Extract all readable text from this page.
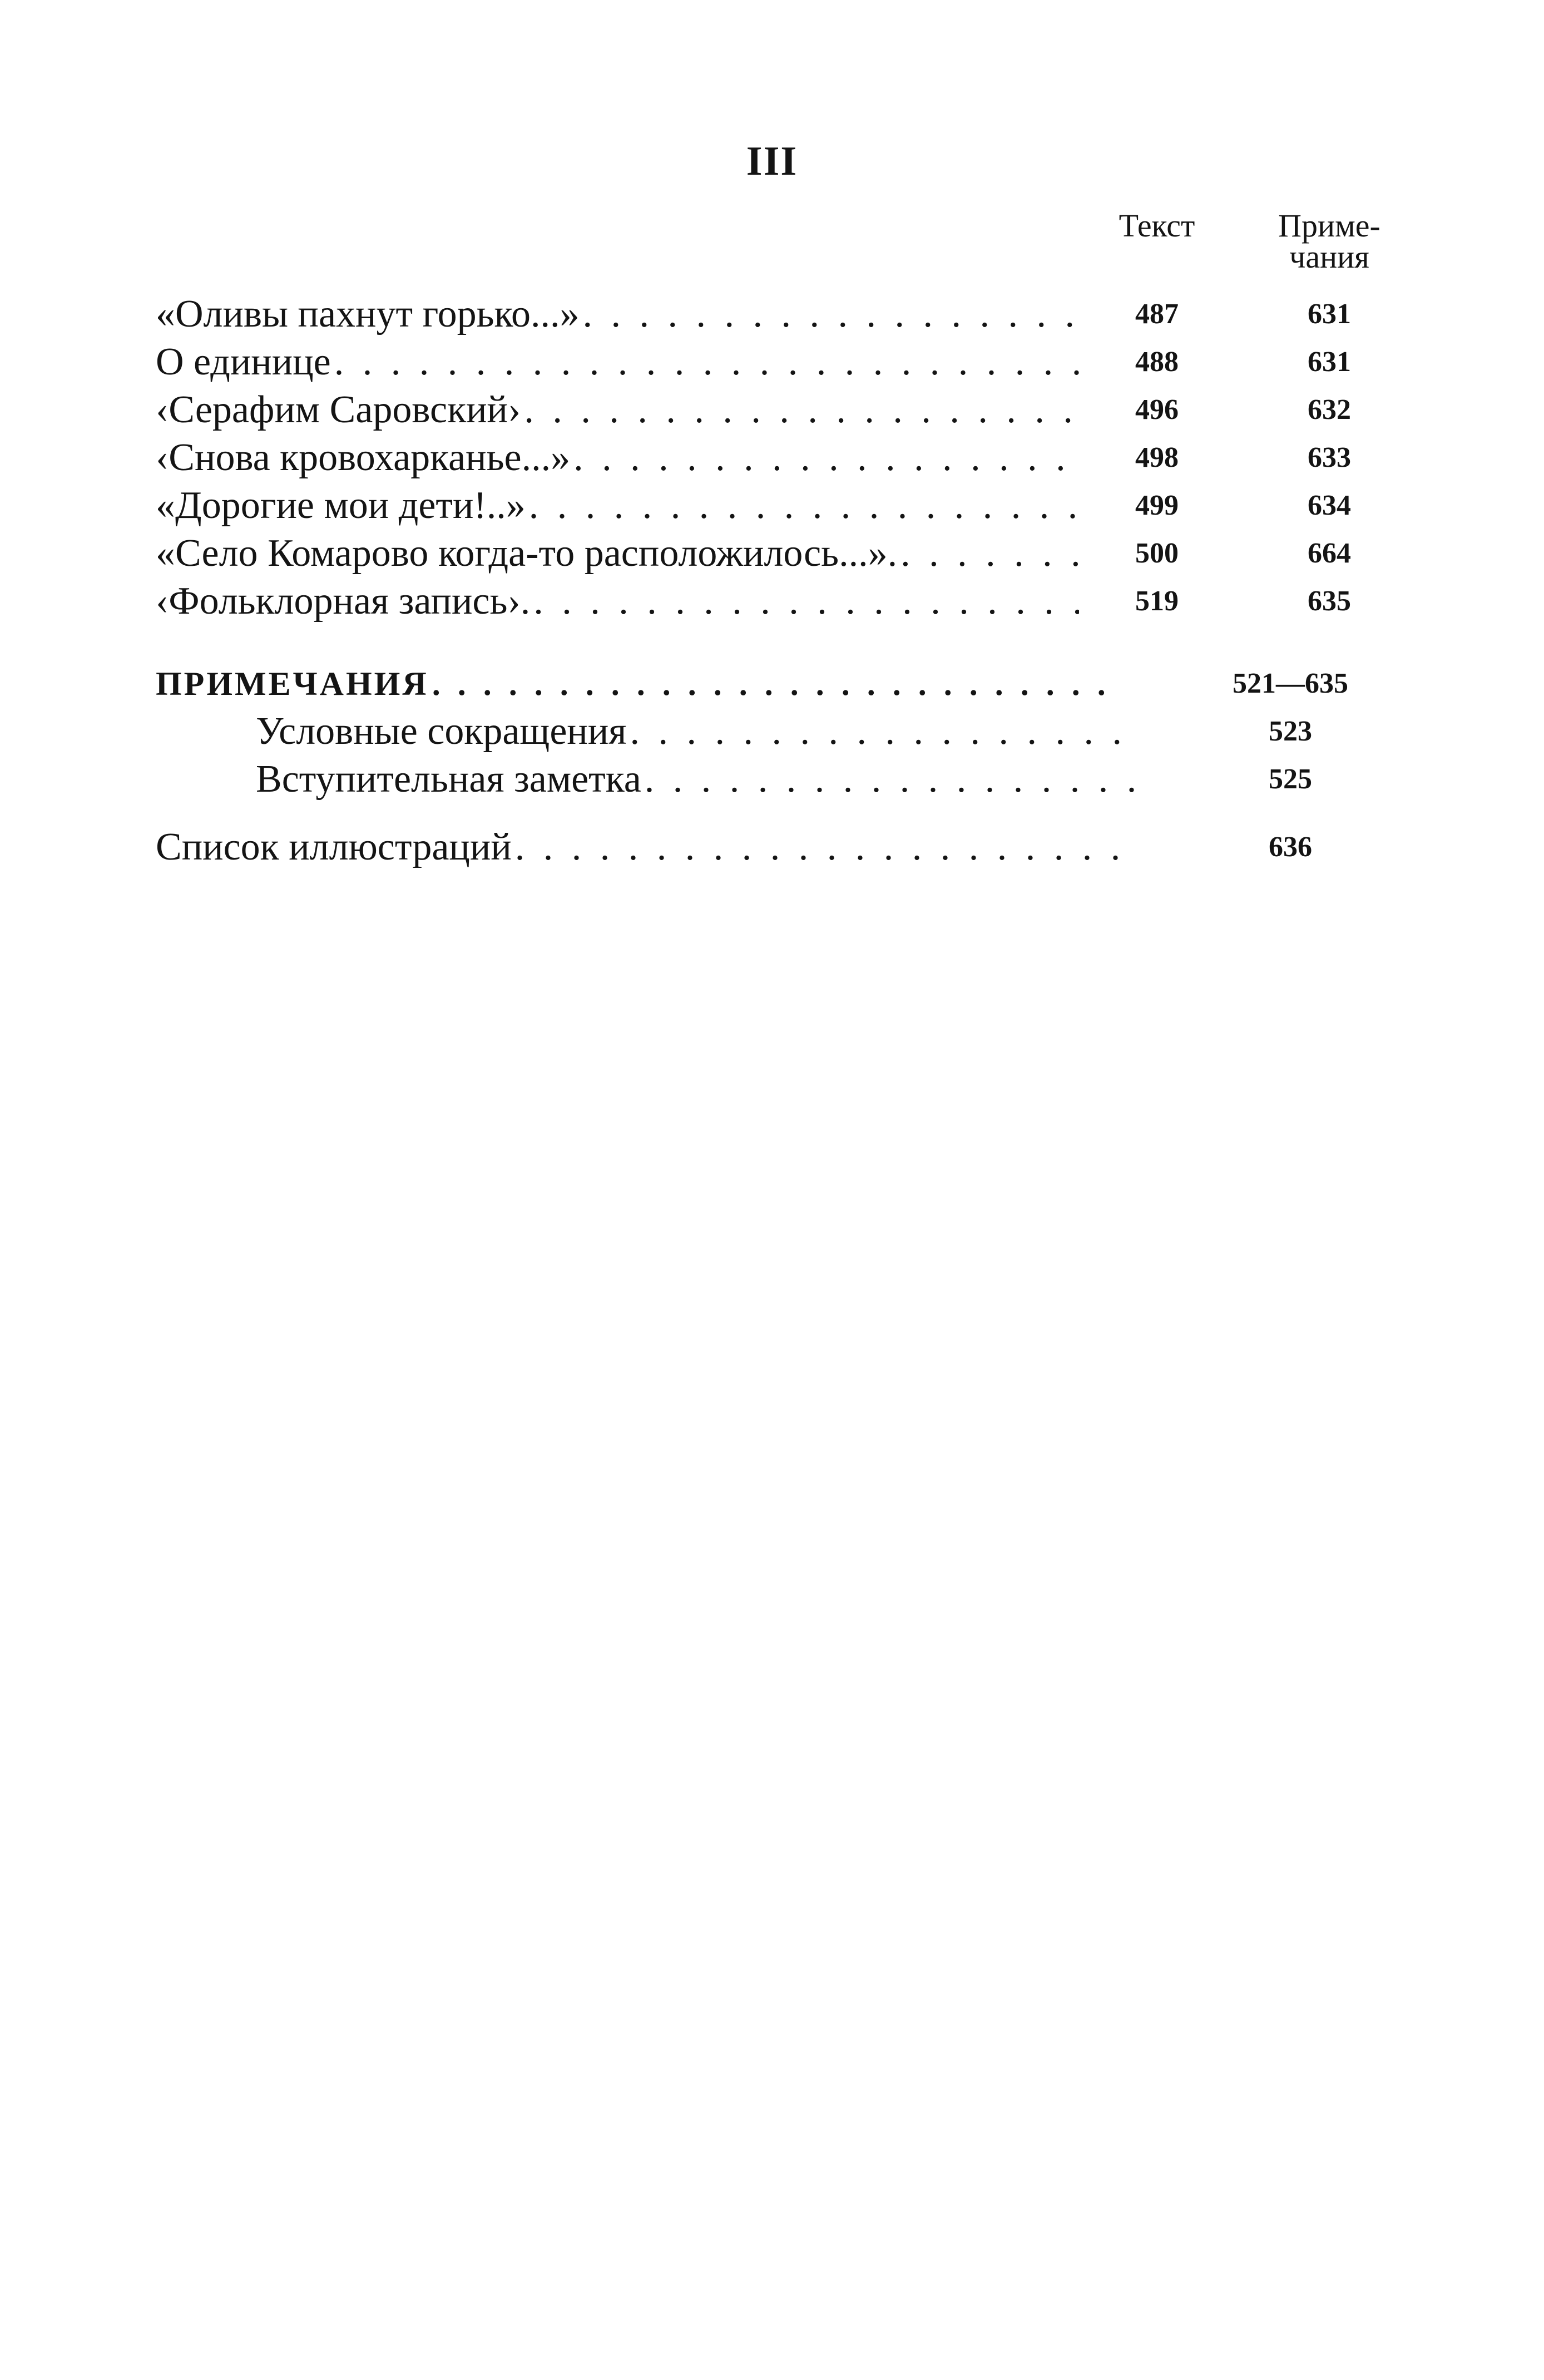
III
Текст	Приме-
чания
«Оливы пахнут горько...» . . .	487	631
О единице . . .	488	631
‹Серафим Саровский› . . .	496	632
‹Снова кровохарканье...» . . .	498	633
«Дорогие мои дети!..» . . .	499	634
«Село Комарово когда-то расположилось...». . . .	500	664
‹Фольклорная запись›. . . .	519	635
ПРИМЕЧАНИЯ . . .	521—635
Условные сокращения . . .	523
Вступительная заметка . . .	525
Список иллюстраций . . .	636
